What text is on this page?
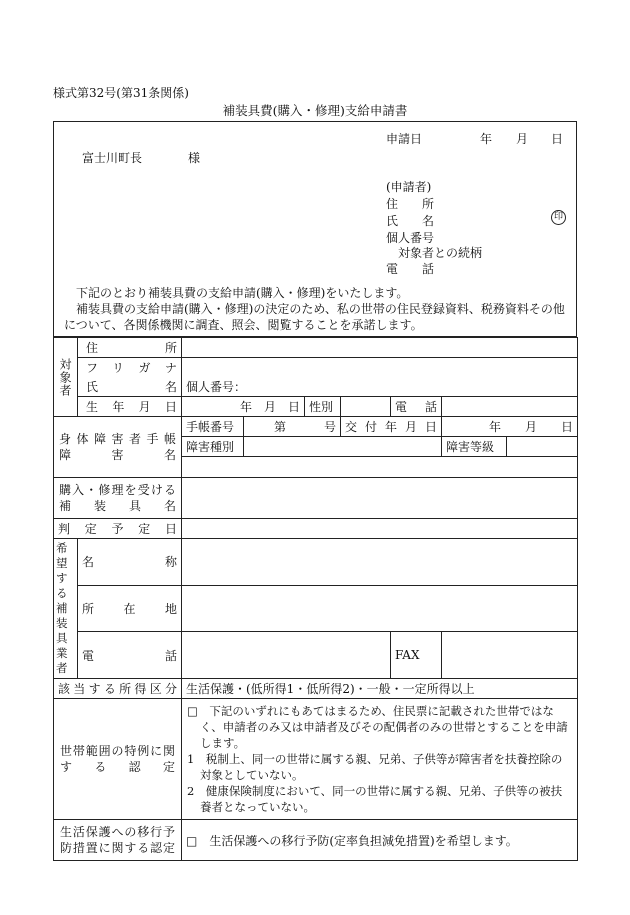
様式第32号(第31条関係)
補装具費(購入・修理)支給申請書
申請日	年 月 日
富士川町長	様
(申請者)
住　　所
氏　　名	印
個人番号
対象者との続柄
電　　話
下記のとおり補装具費の支給申請(購入・修理)をいたします。
補装具費の支給申請(購入・修理)の決定のため、私の世帯の住民登録資料、税務資料その他について、各関係機関に調査、照会、閲覧することを承諾します。
対象者	住所							
	フリガナ							
	氏名	個人番号：						
	生年月日	年　月　日		性別		電　話		

身体障害者手帳
障害名		手帳番号	第 号		交付年月日		年　　月　　日	
		障害種別					障害等級	

購入・修理を受ける
補装具名								

判定予定日								
希望する補装具業者	名称							
	所在地							
	電話					FAX		
該当する所得区分		生活保護・(低所得1・低所得2)・一般・一定所得以上						
世帯範囲の特例に関する認定		□　下記のいずれにもあてはまるため、住民票に記載された世帯ではなく、申請者のみ又は申請者及びその配偶者のみの世帯とすることを申請します。
1　税制上、同一の世帯に属する親、兄弟、子供等が障害者を扶養控除の対象としていない。
2　健康保険制度において、同一の世帯に属する親、兄弟、子供等の被扶養者となっていない。						

生活保護への移行予防措置に関する認定		□　生活保護への移行予防(定率負担減免措置)を希望します。						
